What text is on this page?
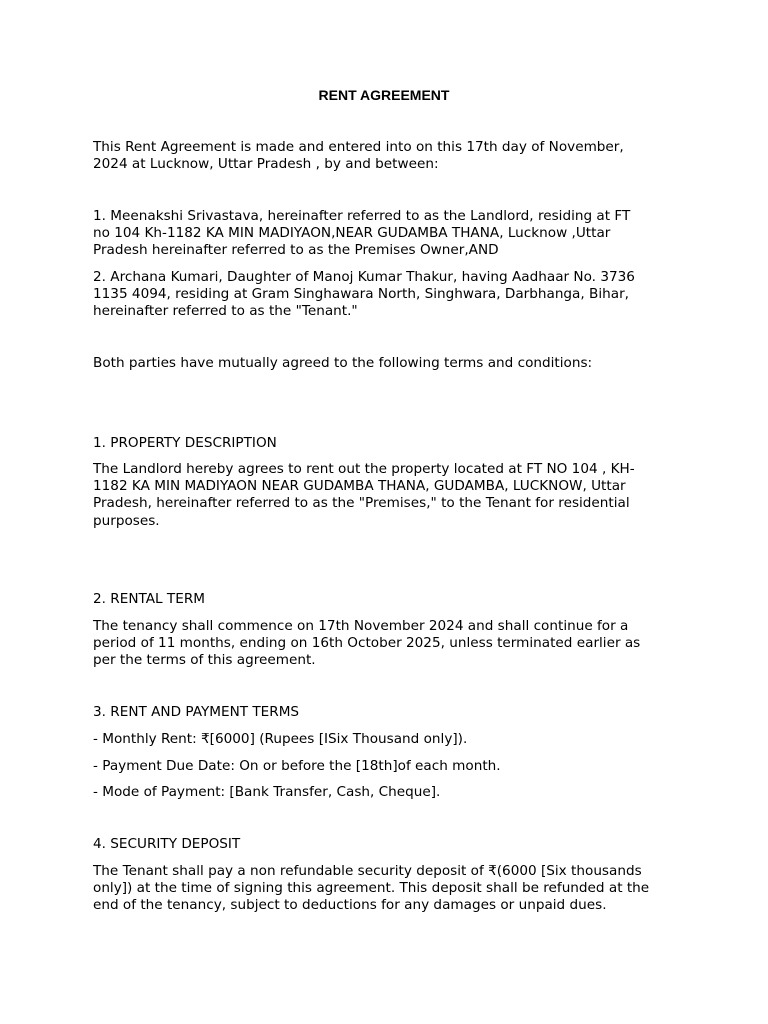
RENT AGREEMENT

This Rent Agreement is made and entered into on this 17th day of November,
2024 at Lucknow, Uttar Pradesh , by and between:

1. Meenakshi Srivastava, hereinafter referred to as the Landlord, residing at FT
no 104 Kh-1182 KA MIN MADIYAON,NEAR GUDAMBA THANA, Lucknow ,Uttar
Pradesh hereinafter referred to as the Premises Owner,AND

2. Archana Kumari, Daughter of Manoj Kumar Thakur, having Aadhaar No. 3736
1135 4094, residing at Gram Singhawara North, Singhwara, Darbhanga, Bihar,
hereinafter referred to as the "Tenant."

Both parties have mutually agreed to the following terms and conditions:

1. PROPERTY DESCRIPTION

The Landlord hereby agrees to rent out the property located at FT NO 104 , KH-
1182 KA MIN MADIYAON NEAR GUDAMBA THANA, GUDAMBA, LUCKNOW, Uttar
Pradesh, hereinafter referred to as the "Premises," to the Tenant for residential
purposes.

2. RENTAL TERM

The tenancy shall commence on 17th November 2024 and shall continue for a
period of 11 months, ending on 16th October 2025, unless terminated earlier as
per the terms of this agreement.

3. RENT AND PAYMENT TERMS

- Monthly Rent: ₹[6000] (Rupees [ISix Thousand only]).

- Payment Due Date: On or before the [18th]of each month.

- Mode of Payment: [Bank Transfer, Cash, Cheque].

4. SECURITY DEPOSIT

The Tenant shall pay a non refundable security deposit of ₹(6000 [Six thousands
only]) at the time of signing this agreement. This deposit shall be refunded at the
end of the tenancy, subject to deductions for any damages or unpaid dues.
